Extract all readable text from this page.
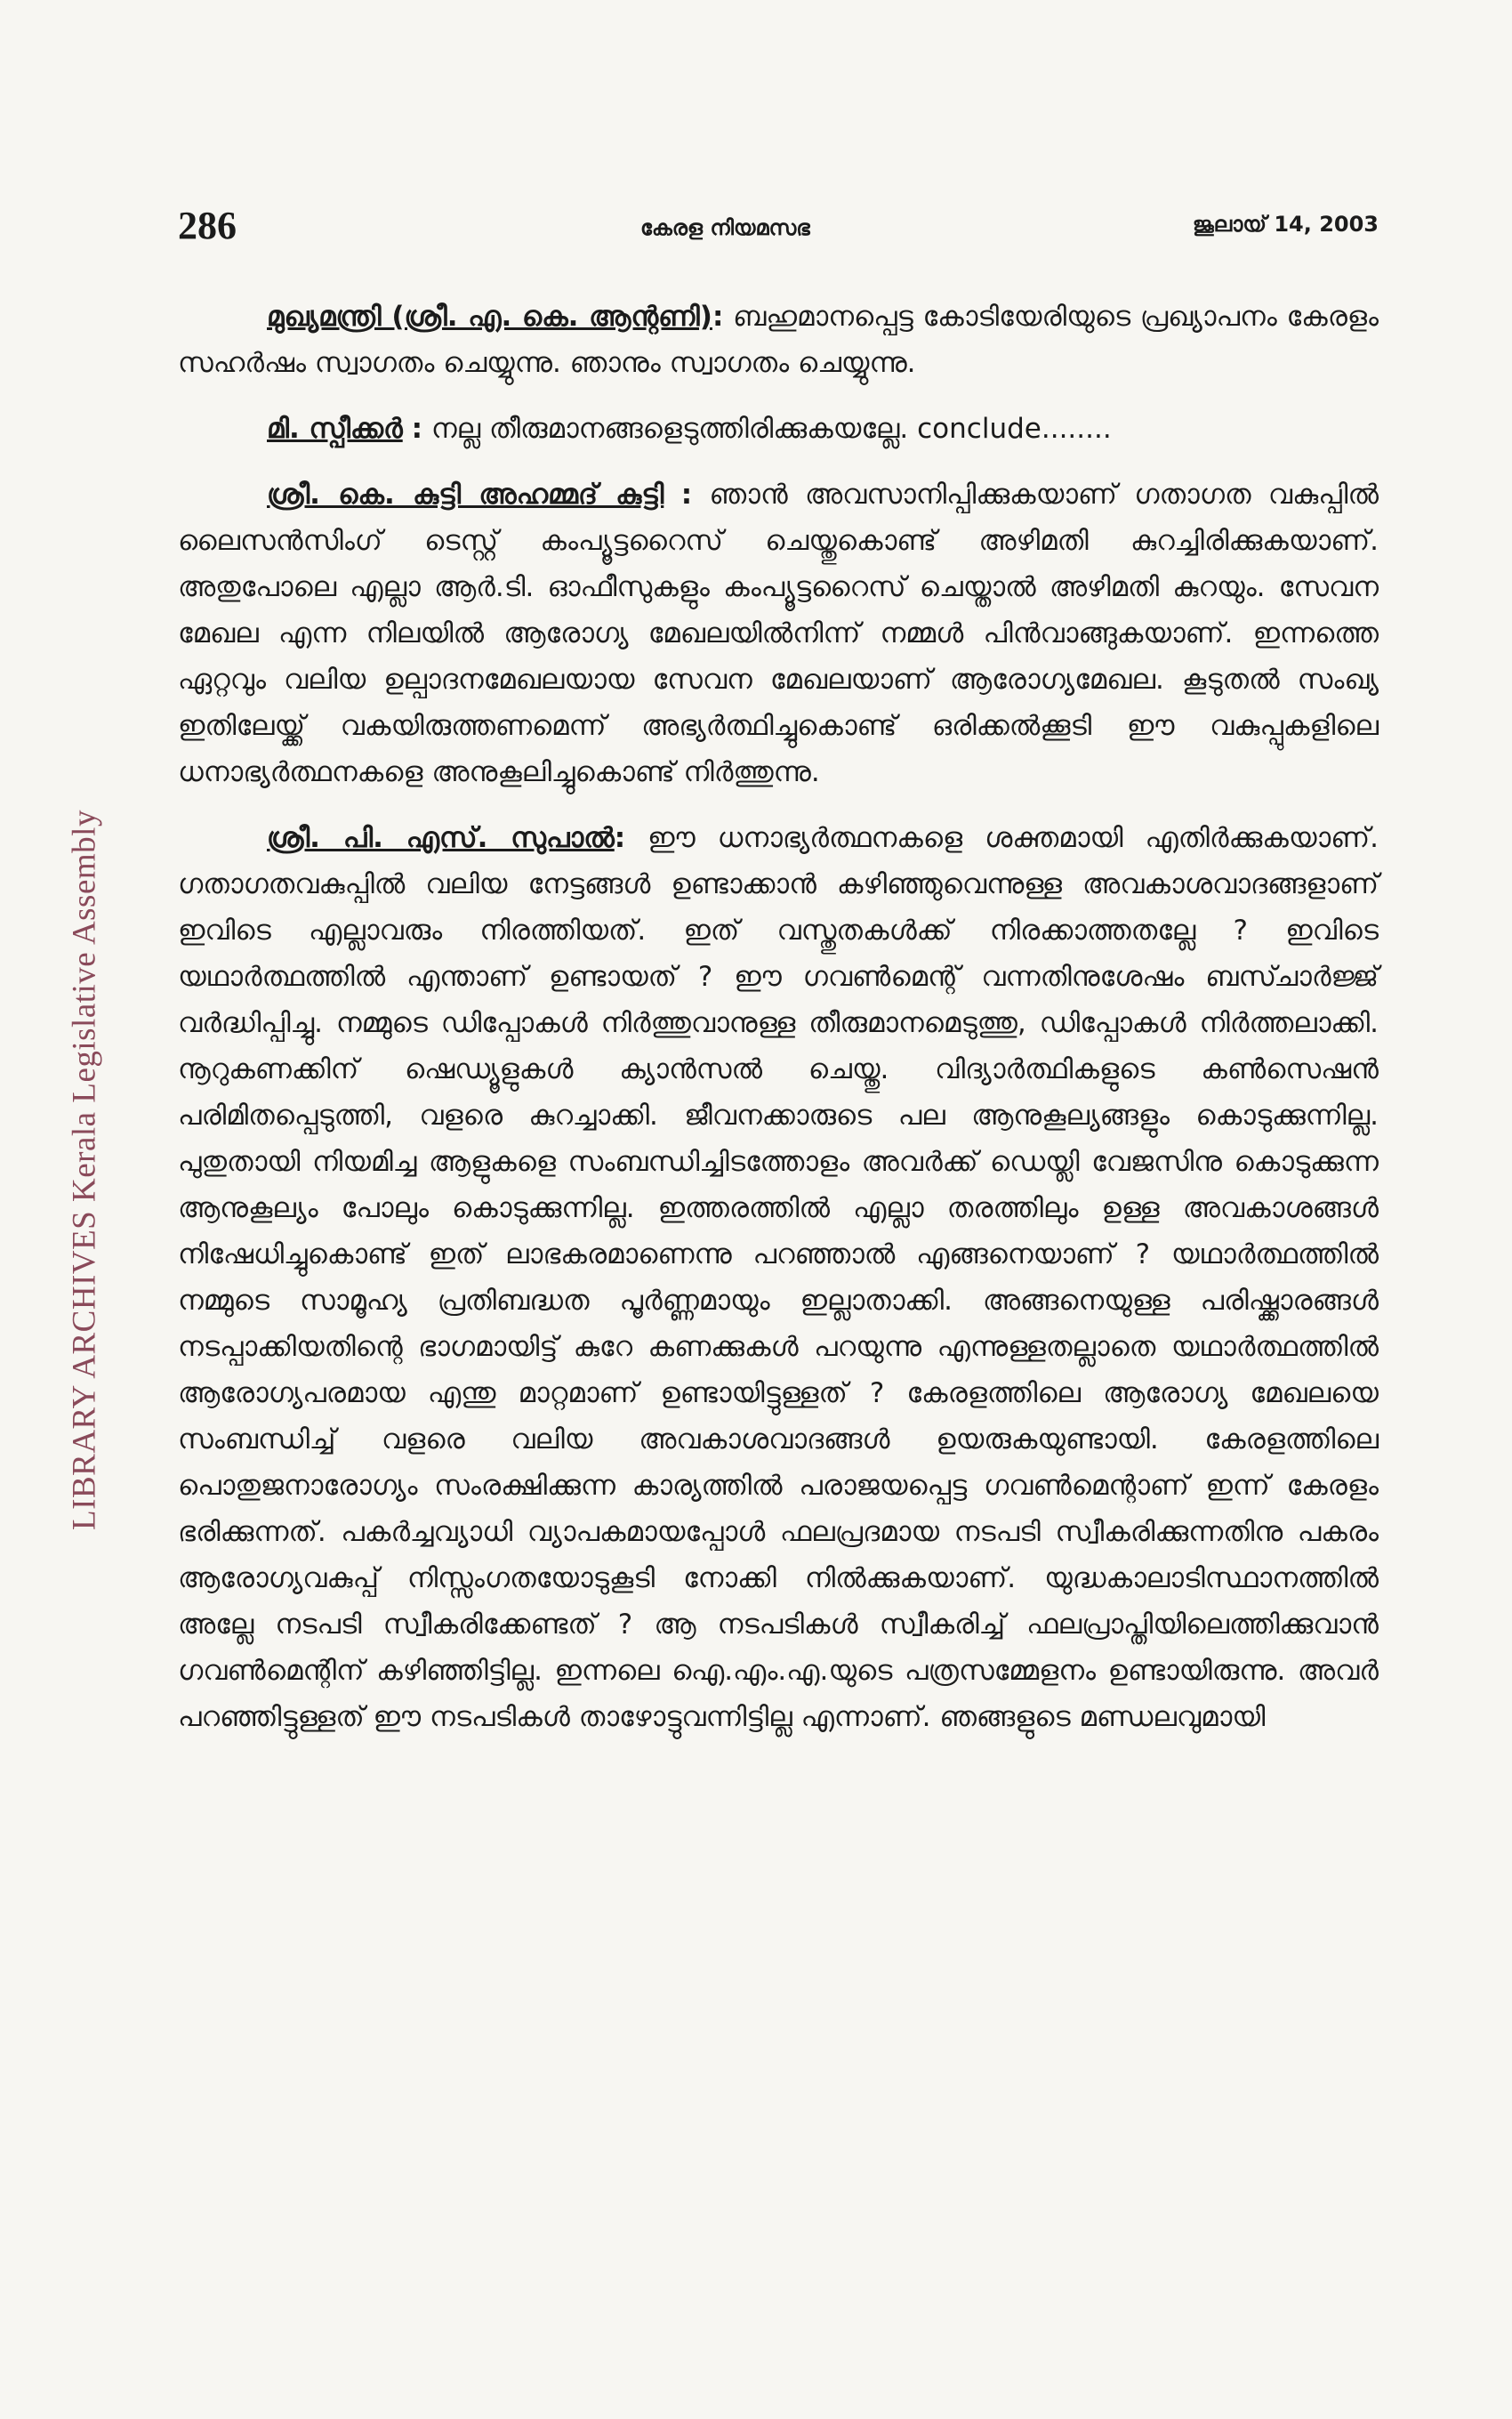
LIBRARY ARCHIVES Kerala Legislative Assembly
286	കേരള നിയമസഭ	ജൂലായ് 14, 2003

മുഖ്യമന്ത്രി (ശ്രീ. എ. കെ. ആന്റണി): ബഹുമാനപ്പെട്ട കോടിയേരിയുടെ പ്രഖ്യാപനം കേരളം സഹർഷം സ്വാഗതം ചെയ്യുന്നു. ഞാനും സ്വാഗതം ചെയ്യുന്നു.

മി. സ്പീക്കർ : നല്ല തീരുമാനങ്ങളെടുത്തിരിക്കുകയല്ലേ. conclude........

ശ്രീ. കെ. കുട്ടി അഹമ്മദ് കുട്ടി : ഞാൻ അവസാനിപ്പിക്കുകയാണ് ഗതാഗത വകുപ്പിൽ ലൈസൻസിംഗ് ടെസ്റ്റ് കംപ്യൂട്ടറൈസ് ചെയ്തുകൊണ്ട് അഴിമതി കുറച്ചിരിക്കുകയാണ്. അതുപോലെ എല്ലാ ആർ.ടി. ഓഫീസുകളും കംപ്യൂട്ടറൈസ് ചെയ്താൽ അഴിമതി കുറയും. സേവന മേഖല എന്ന നിലയിൽ ആരോഗ്യ മേഖലയിൽനിന്ന് നമ്മൾ പിൻവാങ്ങുകയാണ്. ഇന്നത്തെ ഏറ്റവും വലിയ ഉല്പാദനമേഖലയായ സേവന മേഖലയാണ് ആരോഗ്യമേഖല. കൂടുതൽ സംഖ്യ ഇതിലേയ്ക്ക് വകയിരുത്തണമെന്ന് അഭ്യർത്ഥിച്ചുകൊണ്ട് ഒരിക്കൽക്കൂടി ഈ വകുപ്പുകളിലെ ധനാഭ്യർത്ഥനകളെ അനുകൂലിച്ചുകൊണ്ട് നിർത്തുന്നു.

ശ്രീ. പി. എസ്. സുപാൽ: ഈ ധനാഭ്യർത്ഥനകളെ ശക്തമായി എതിർക്കുകയാണ്. ഗതാഗതവകുപ്പിൽ വലിയ നേട്ടങ്ങൾ ഉണ്ടാക്കാൻ കഴിഞ്ഞുവെന്നുള്ള അവകാശവാദങ്ങളാണ് ഇവിടെ എല്ലാവരും നിരത്തിയത്. ഇത് വസ്തുതകൾക്ക് നിരക്കാത്തതല്ലേ ? ഇവിടെ യഥാർത്ഥത്തിൽ എന്താണ് ഉണ്ടായത് ? ഈ ഗവൺമെന്റ് വന്നതിനുശേഷം ബസ്ചാർജ്ജ് വർദ്ധിപ്പിച്ചു. നമ്മുടെ ഡിപ്പോകൾ നിർത്തുവാനുള്ള തീരുമാനമെടുത്തു, ഡിപ്പോകൾ നിർത്തലാക്കി. നൂറുകണക്കിന് ഷെഡ്യൂളുകൾ ക്യാൻസൽ ചെയ്തു. വിദ്യാർത്ഥികളുടെ കൺസെഷൻ പരിമിതപ്പെടുത്തി, വളരെ കുറച്ചാക്കി. ജീവനക്കാരുടെ പല ആനുകൂല്യങ്ങളും കൊടുക്കുന്നില്ല. പുതുതായി നിയമിച്ച ആളുകളെ സംബന്ധിച്ചിടത്തോളം അവർക്ക് ഡെയ്ലി വേജസിനു കൊടുക്കുന്ന ആനുകൂല്യം പോലും കൊടുക്കുന്നില്ല. ഇത്തരത്തിൽ എല്ലാ തരത്തിലും ഉള്ള അവകാശങ്ങൾ നിഷേധിച്ചുകൊണ്ട് ഇത് ലാഭകരമാണെന്നു പറഞ്ഞാൽ എങ്ങനെയാണ് ? യഥാർത്ഥത്തിൽ നമ്മുടെ സാമൂഹ്യ പ്രതിബദ്ധത പൂർണ്ണമായും ഇല്ലാതാക്കി. അങ്ങനെയുള്ള പരിഷ്ക്കാരങ്ങൾ നടപ്പാക്കിയതിന്റെ ഭാഗമായിട്ട് കുറേ കണക്കുകൾ പറയുന്നു എന്നുള്ളതല്ലാതെ യഥാർത്ഥത്തിൽ ആരോഗ്യപരമായ എന്തു മാറ്റമാണ് ഉണ്ടായിട്ടുള്ളത് ? കേരളത്തിലെ ആരോഗ്യ മേഖലയെ സംബന്ധിച്ച് വളരെ വലിയ അവകാശവാദങ്ങൾ ഉയരുകയുണ്ടായി. കേരളത്തിലെ പൊതുജനാരോഗ്യം സംരക്ഷിക്കുന്ന കാര്യത്തിൽ പരാജയപ്പെട്ട ഗവൺമെന്റാണ് ഇന്ന് കേരളം ഭരിക്കുന്നത്. പകർച്ചവ്യാധി വ്യാപകമായപ്പോൾ ഫലപ്രദമായ നടപടി സ്വീകരിക്കുന്നതിനു പകരം ആരോഗ്യവകുപ്പ് നിസ്സംഗതയോടുകൂടി നോക്കി നിൽക്കുകയാണ്. യുദ്ധകാലാടിസ്ഥാനത്തിൽ അല്ലേ നടപടി സ്വീകരിക്കേണ്ടത് ? ആ നടപടികൾ സ്വീകരിച്ച് ഫലപ്രാപ്തിയിലെത്തിക്കുവാൻ ഗവൺമെന്റിന് കഴിഞ്ഞിട്ടില്ല. ഇന്നലെ ഐ.എം.എ.യുടെ പത്രസമ്മേളനം ഉണ്ടായിരുന്നു. അവർ പറഞ്ഞിട്ടുള്ളത് ഈ നടപടികൾ താഴോട്ടുവന്നിട്ടില്ല എന്നാണ്. ഞങ്ങളുടെ മണ്ഡലവുമായി
